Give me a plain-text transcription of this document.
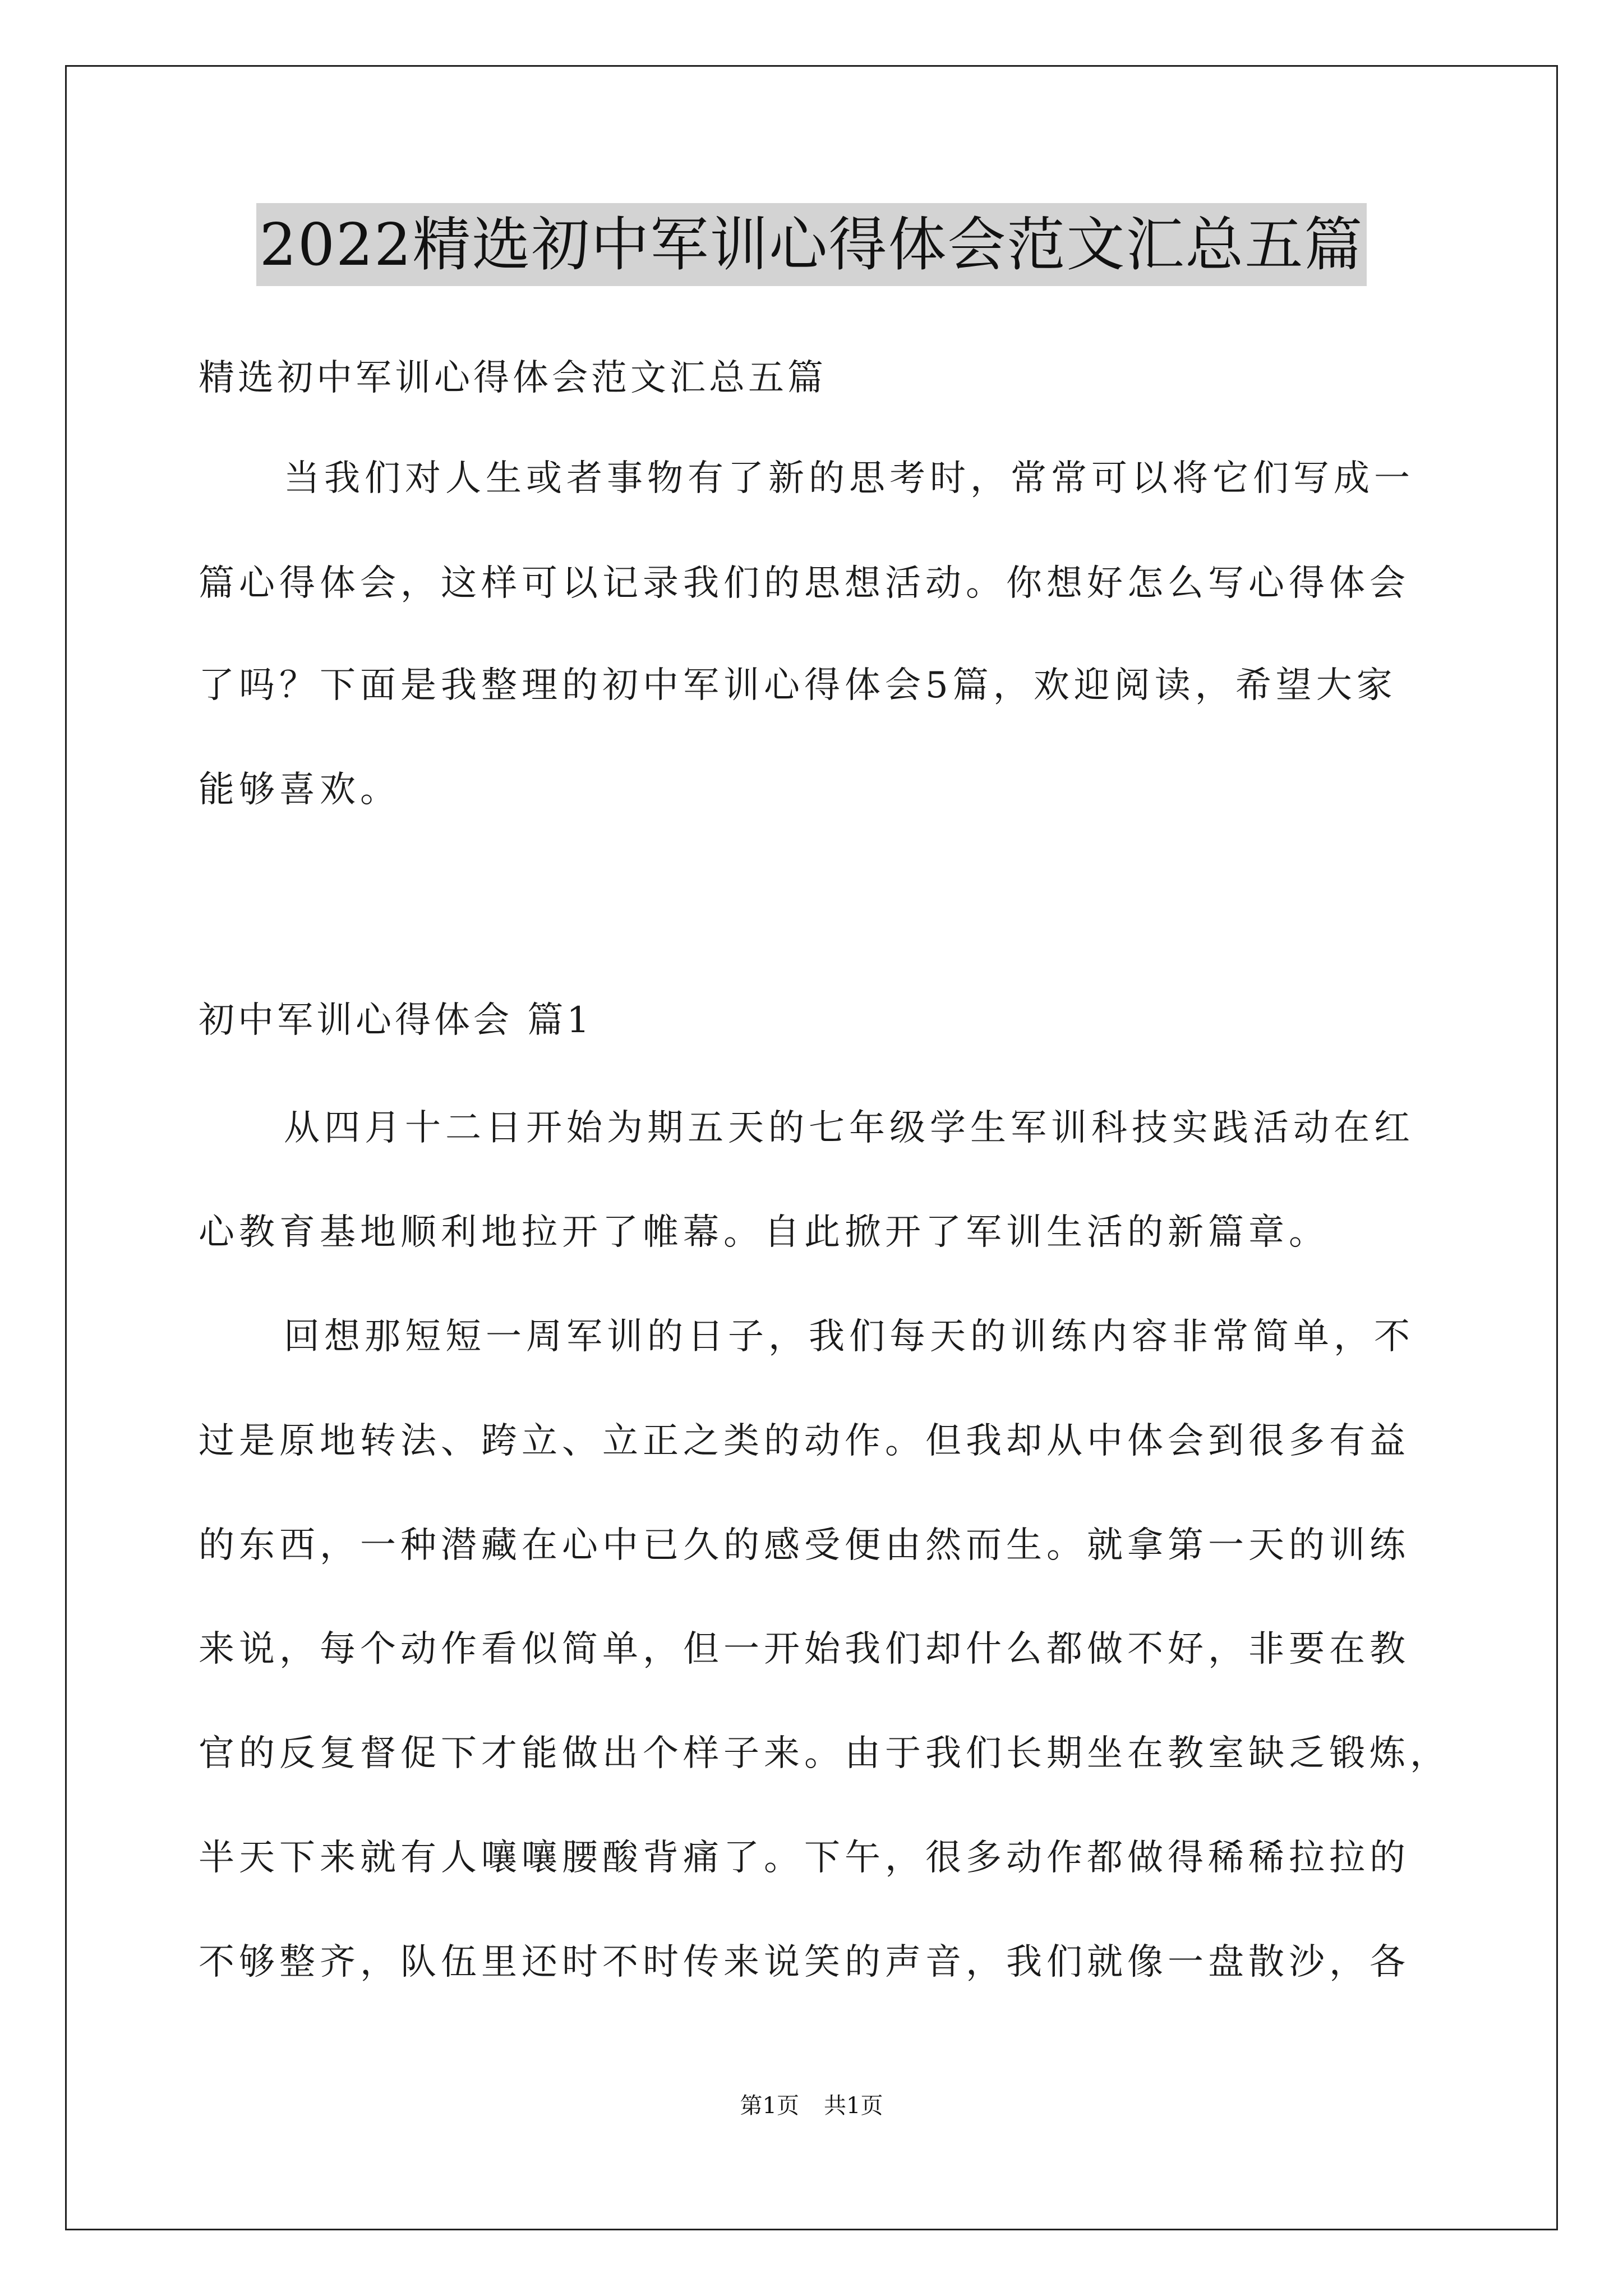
2022精选初中军训心得体会范文汇总五篇
精选初中军训心得体会范文汇总五篇
当我们对人生或者事物有了新的思考时，常常可以将它们写成一
篇心得体会，这样可以记录我们的思想活动。你想好怎么写心得体会
了吗？下面是我整理的初中军训心得体会5篇，欢迎阅读，希望大家
能够喜欢。
初中军训心得体会 篇1
从四月十二日开始为期五天的七年级学生军训科技实践活动在红
心教育基地顺利地拉开了帷幕。自此掀开了军训生活的新篇章。
回想那短短一周军训的日子，我们每天的训练内容非常简单，不
过是原地转法、跨立、立正之类的动作。但我却从中体会到很多有益
的东西，一种潜藏在心中已久的感受便由然而生。就拿第一天的训练
来说，每个动作看似简单，但一开始我们却什么都做不好，非要在教
官的反复督促下才能做出个样子来。由于我们长期坐在教室缺乏锻炼，
半天下来就有人嚷嚷腰酸背痛了。下午，很多动作都做得稀稀拉拉的
不够整齐，队伍里还时不时传来说笑的声音，我们就像一盘散沙，各
第1页 共1页
